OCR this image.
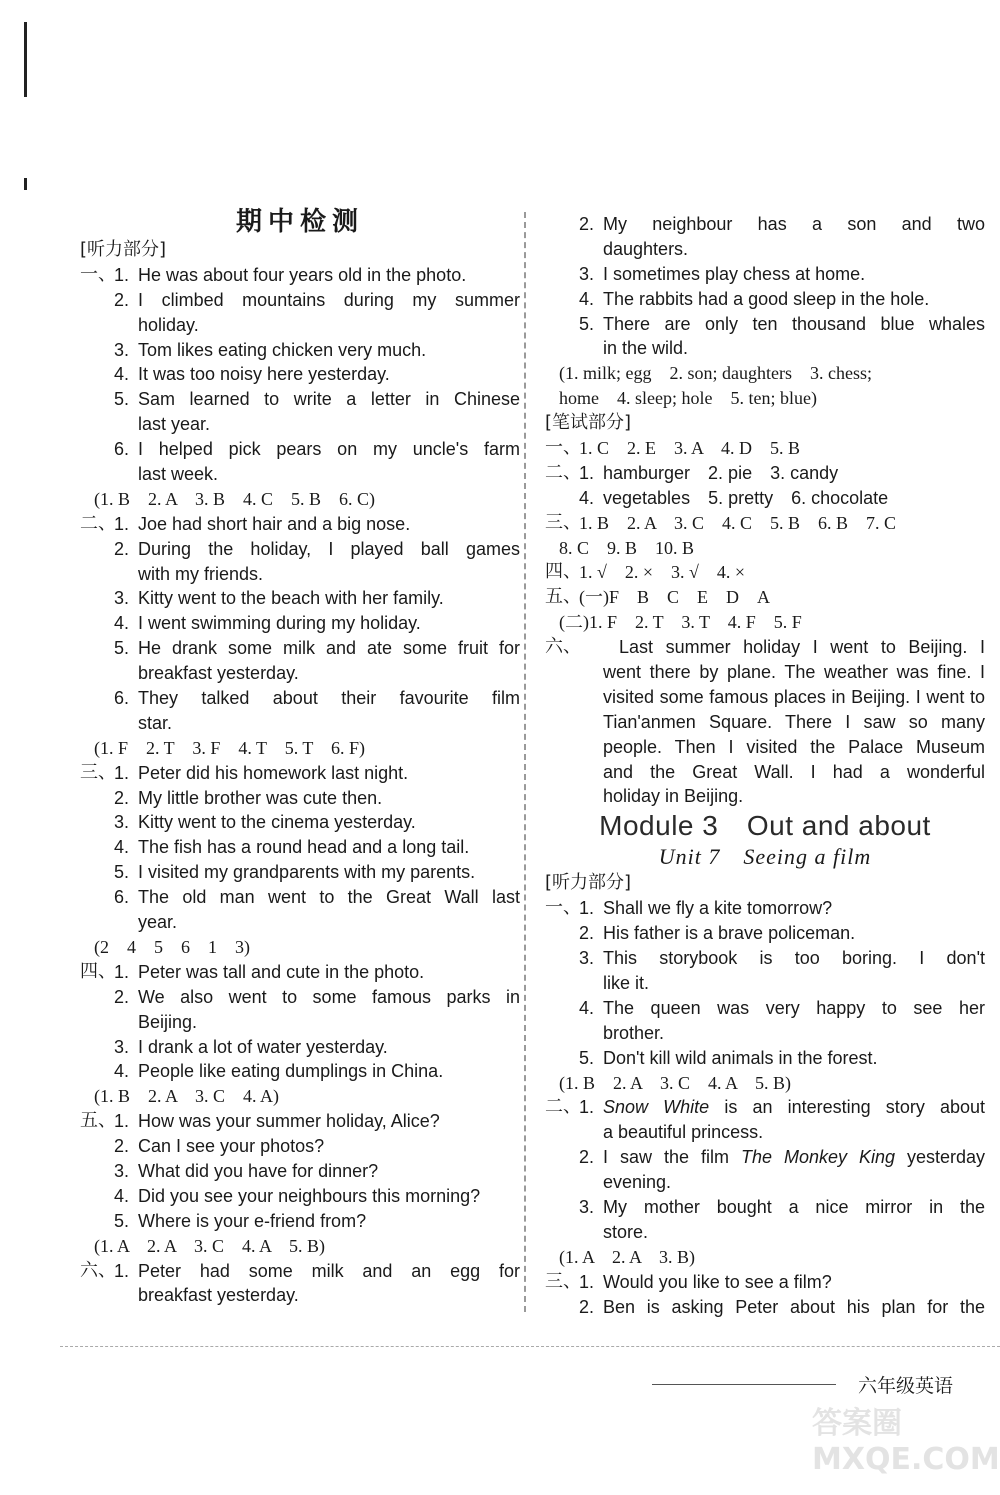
期中检测
[听力部分]
一、
1. He was about four years old in the photo.
2. I climbed mountains during my summer
holiday.
3. Tom likes eating chicken very much.
4. It was too noisy here yesterday.
5. Sam learned to write a letter in Chinese
last year.
6. I helped pick pears on my uncle's farm
last week.
(1. B　2. A　3. B　4. C　5. B　6. C)
二、
1. Joe had short hair and a big nose.
2. During the holiday, I played ball games
with my friends.
3. Kitty went to the beach with her family.
4. I went swimming during my holiday.
5. He drank some milk and ate some fruit for
breakfast yesterday.
6. They talked about their favourite film
star.
(1. F　2. T　3. F　4. T　5. T　6. F)
三、
1. Peter did his homework last night.
2. My little brother was cute then.
3. Kitty went to the cinema yesterday.
4. The fish has a round head and a long tail.
5. I visited my grandparents with my parents.
6. The old man went to the Great Wall last
year.
(2　4　5　6　1　3)
四、
1. Peter was tall and cute in the photo.
2. We also went to some famous parks in
Beijing.
3. I drank a lot of water yesterday.
4. People like eating dumplings in China.
(1. B　2. A　3. C　4. A)
五、
1. How was your summer holiday, Alice?
2. Can I see your photos?
3. What did you have for dinner?
4. Did you see your neighbours this morning?
5. Where is your e-friend from?
(1. A　2. A　3. C　4. A　5. B)
六、
1. Peter had some milk and an egg for
breakfast yesterday.
2. My neighbour has a son and two
daughters.
3. I sometimes play chess at home.
4. The rabbits had a good sleep in the hole.
5. There are only ten thousand blue whales
in the wild.
(1. milk; egg　2. son; daughters　3. chess;
home　4. sleep; hole　5. ten; blue)
[笔试部分]
一、
1. C　2. E　3. A　4. D　5. B
二、
1. hamburger　2. pie　3. candy
4. vegetables　5. pretty　6. chocolate
三、
1. B　2. A　3. C　4. C　5. B　6. B　7. C
8. C　9. B　10. B
四、
1. √　2. ×　3. √　4. ×
五、
(一)F　B　C　E　D　A
(二)1. F　2. T　3. T　4. F　5. F
六、 Last summer holiday I went to Beijing. I
went there by plane. The weather was fine. I
visited some famous places in Beijing. I went to
Tian'anmen Square. There I saw so many
people. Then I visited the Palace Museum
and the Great Wall. I had a wonderful
holiday in Beijing.
Module 3　Out and about
Unit 7　Seeing a film
[听力部分]
一、
1. Shall we fly a kite tomorrow?
2. His father is a brave policeman.
3. This storybook is too boring. I don't
like it.
4. The queen was very happy to see her
brother.
5. Don't kill wild animals in the forest.
(1. B　2. A　3. C　4. A　5. B)
二、
1. Snow White is an interesting story about
a beautiful princess.
2. I saw the film The Monkey King yesterday
evening.
3. My mother bought a nice mirror in the
store.
(1. A　2. A　3. B)
三、
1. Would you like to see a film?
2. Ben is asking Peter about his plan for the
六年级英语
答案圈 MXQE.COM
